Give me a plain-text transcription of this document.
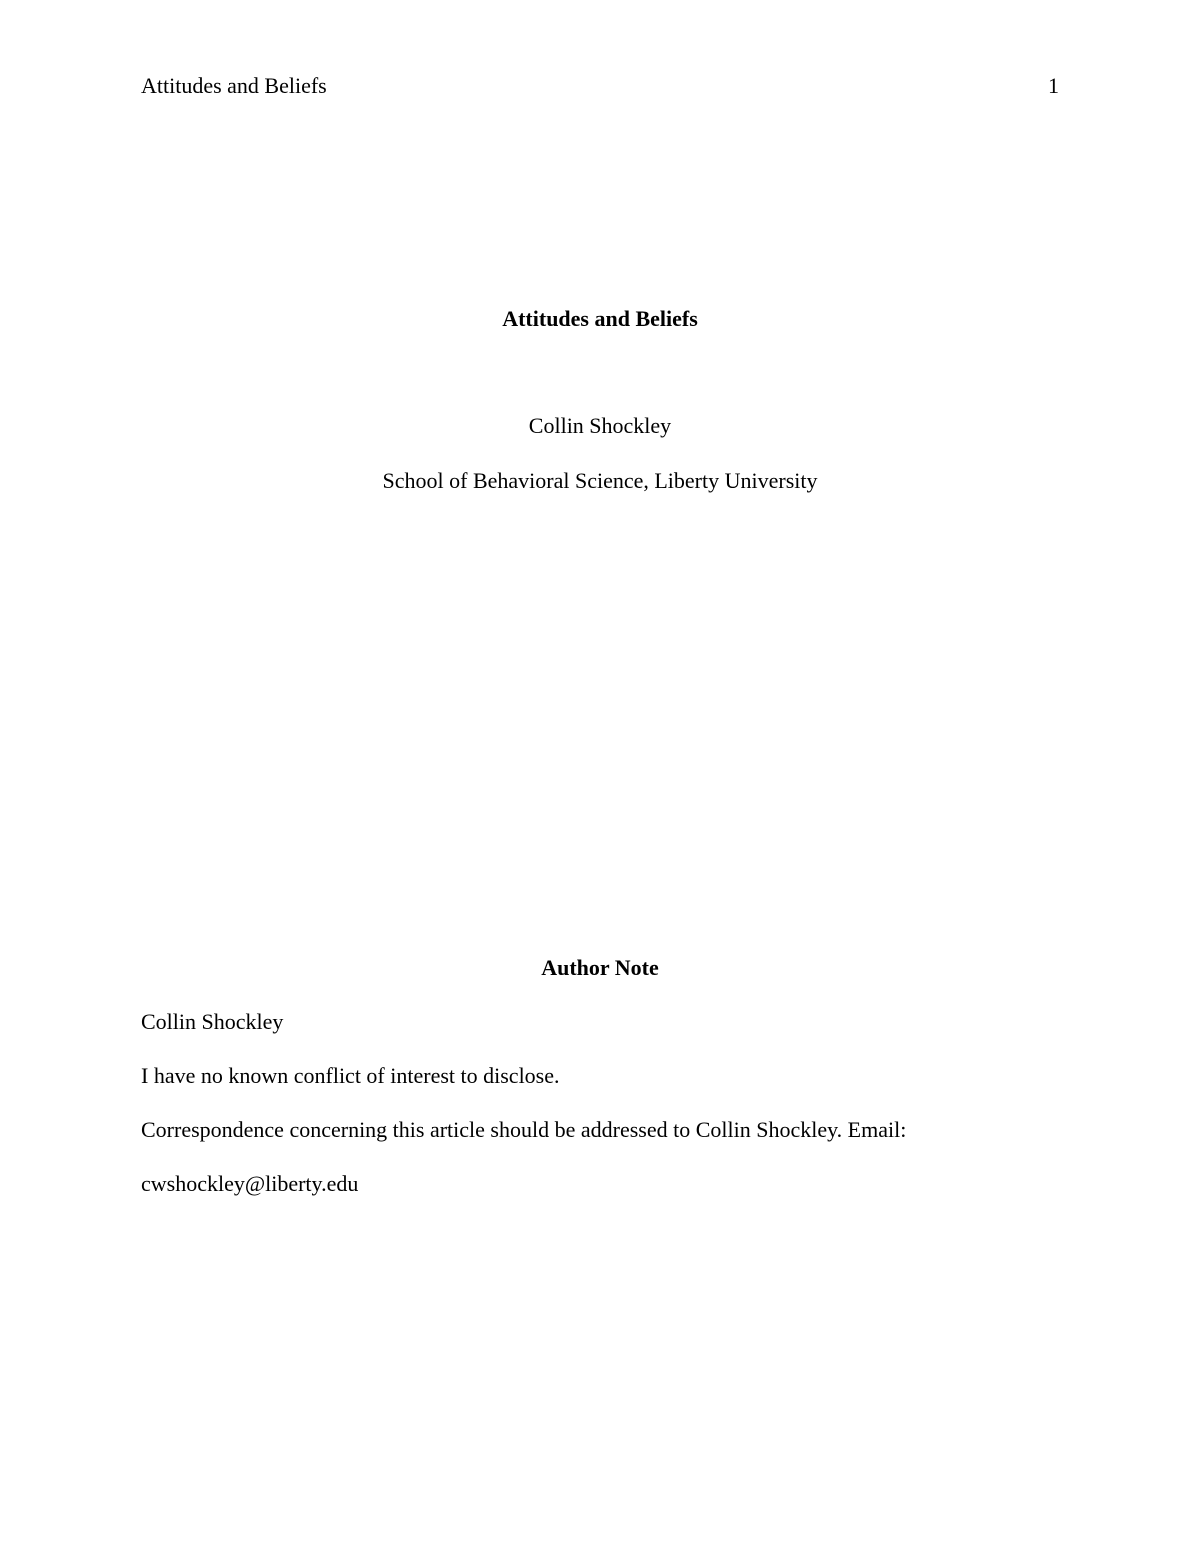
Attitudes and Beliefs	1
Attitudes and Beliefs
Collin Shockley
School of Behavioral Science, Liberty University
Author Note
Collin Shockley
I have no known conflict of interest to disclose.
Correspondence concerning this article should be addressed to Collin Shockley. Email:
cwshockley@liberty.edu
